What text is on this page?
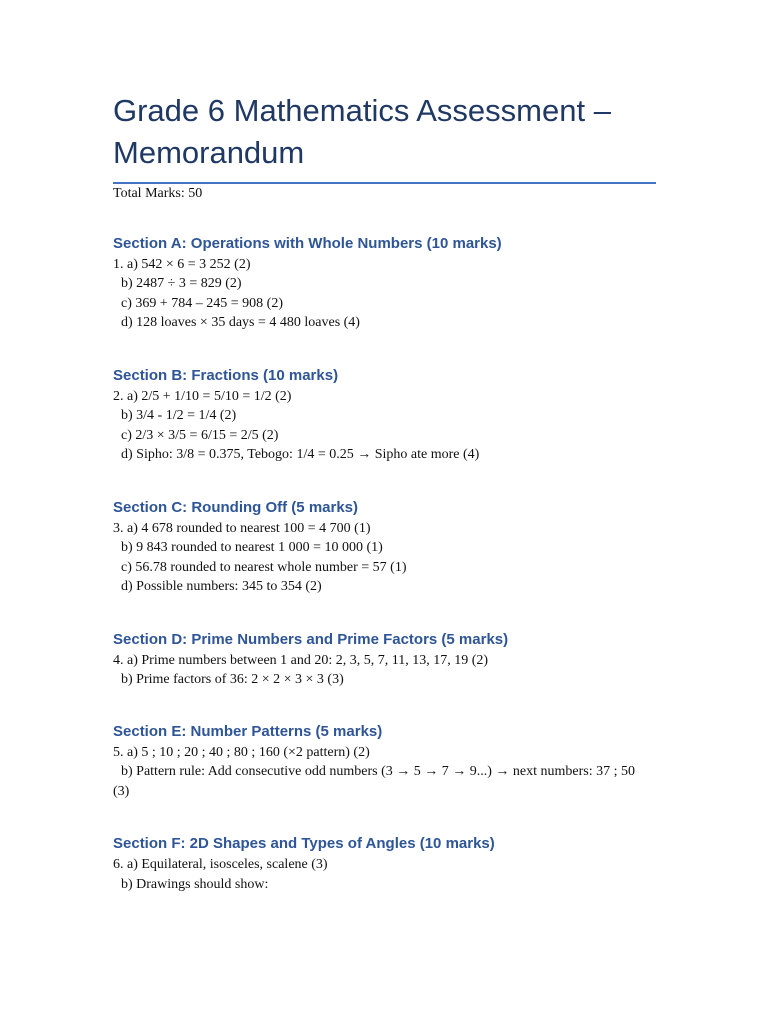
Grade 6 Mathematics Assessment – Memorandum

Total Marks: 50

Section A: Operations with Whole Numbers (10 marks)

1. a) 542 × 6 = 3 252 (2)

b) 2487 ÷ 3 = 829 (2)

c) 369 + 784 – 245 = 908 (2)

d) 128 loaves × 35 days = 4 480 loaves (4)

Section B: Fractions (10 marks)

2. a) 2/5 + 1/10 = 5/10 = 1/2 (2)

b) 3/4 - 1/2 = 1/4 (2)

c) 2/3 × 3/5 = 6/15 = 2/5 (2)

d) Sipho: 3/8 = 0.375, Tebogo: 1/4 = 0.25 → Sipho ate more (4)

Section C: Rounding Off (5 marks)

3. a) 4 678 rounded to nearest 100 = 4 700 (1)

b) 9 843 rounded to nearest 1 000 = 10 000 (1)

c) 56.78 rounded to nearest whole number = 57 (1)

d) Possible numbers: 345 to 354 (2)

Section D: Prime Numbers and Prime Factors (5 marks)

4. a) Prime numbers between 1 and 20: 2, 3, 5, 7, 11, 13, 17, 19 (2)

b) Prime factors of 36: 2 × 2 × 3 × 3 (3)

Section E: Number Patterns (5 marks)

5. a) 5 ; 10 ; 20 ; 40 ; 80 ; 160 (×2 pattern) (2)

b) Pattern rule: Add consecutive odd numbers (3 → 5 → 7 → 9...) → next numbers: 37 ; 50

(3)

Section F: 2D Shapes and Types of Angles (10 marks)

6. a) Equilateral, isosceles, scalene (3)

b) Drawings should show:
